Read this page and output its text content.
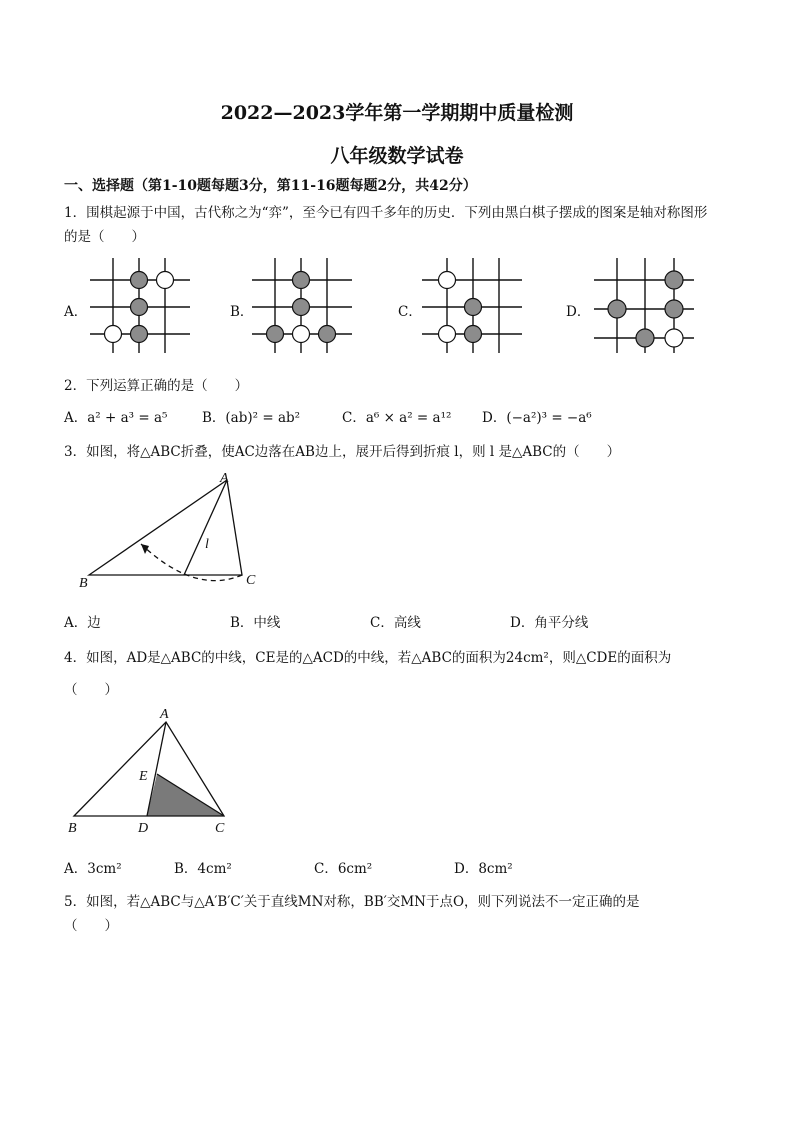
2022—2023学年第一学期期中质量检测
八年级数学试卷
一、选择题（第1-10题每题3分，第11-16题每题2分，共42分）
1．围棋起源于中国，古代称之为“弈”，至今已有四千多年的历史．下列由黑白棋子摆成的图案是轴对称图形
的是（　　）
A．	B．	C．	D．
2．下列运算正确的是（　　）
A．a² + a³ = a⁵	B．(ab)² = ab²	C．a⁶ × a² = a¹² D．(−a²)³ = −a⁶
3．如图，将△ABC折叠，使AC边落在AB边上，展开后得到折痕 l，则 l 是△ABC的（　　）
A
B	C
l
A．边	B．中线	C．高线	D．角平分线
4．如图，AD是△ABC的中线，CE是的△ACD的中线，若△ABC的面积为24cm²，则△CDE的面积为
（　　）
A
B	C
D
E
A．3cm²	B．4cm²	C．6cm²	D．8cm²
5．如图，若△ABC与△A′B′C′关于直线MN对称，BB′交MN于点O，则下列说法不一定正确的是
（　　）
